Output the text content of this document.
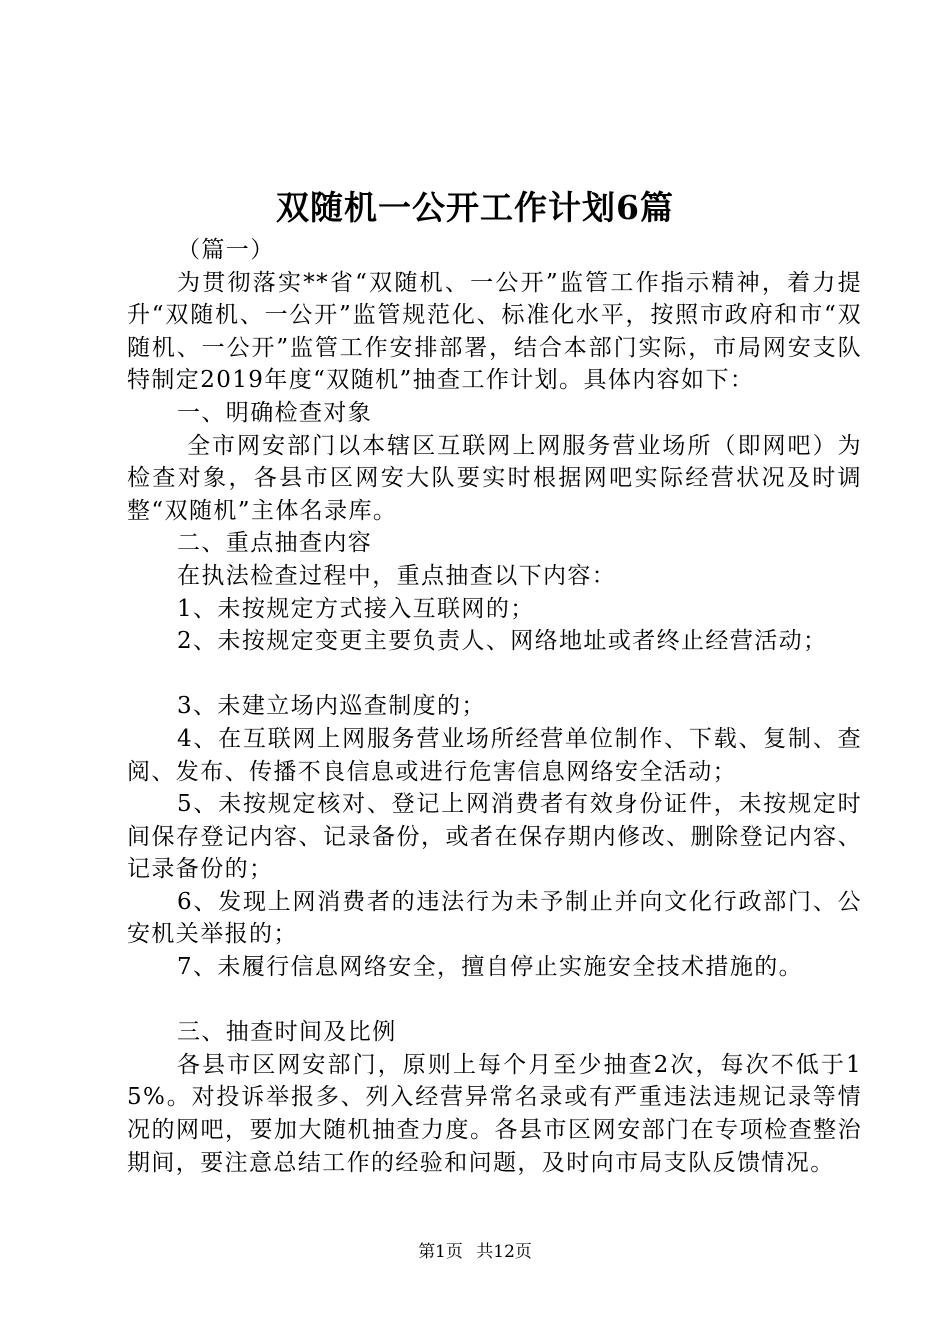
双随机一公开工作计划6篇

（篇一）

为贯彻落实**省“双随机、一公开”监管工作指示精神，着力提升“双随机、一公开”监管规范化、标准化水平，按照市政府和市“双随机、一公开”监管工作安排部署，结合本部门实际，市局网安支队特制定2019年度“双随机”抽查工作计划。具体内容如下：

一、明确检查对象

全市网安部门以本辖区互联网上网服务营业场所（即网吧）为检查对象，各县市区网安大队要实时根据网吧实际经营状况及时调整“双随机”主体名录库。

二、重点抽查内容

在执法检查过程中，重点抽查以下内容：

1、未按规定方式接入互联网的；

2、未按规定变更主要负责人、网络地址或者终止经营活动；

3、未建立场内巡查制度的；

4、在互联网上网服务营业场所经营单位制作、下载、复制、查阅、发布、传播不良信息或进行危害信息网络安全活动；

5、未按规定核对、登记上网消费者有效身份证件，未按规定时间保存登记内容、记录备份，或者在保存期内修改、删除登记内容、记录备份的；

6、发现上网消费者的违法行为未予制止并向文化行政部门、公安机关举报的；

7、未履行信息网络安全，擅自停止实施安全技术措施的。

三、抽查时间及比例

各县市区网安部门，原则上每个月至少抽查2次，每次不低于15%。对投诉举报多、列入经营异常名录或有严重违法违规记录等情况的网吧，要加大随机抽查力度。各县市区网安部门在专项检查整治期间，要注意总结工作的经验和问题，及时向市局支队反馈情况。

第1页 共12页
